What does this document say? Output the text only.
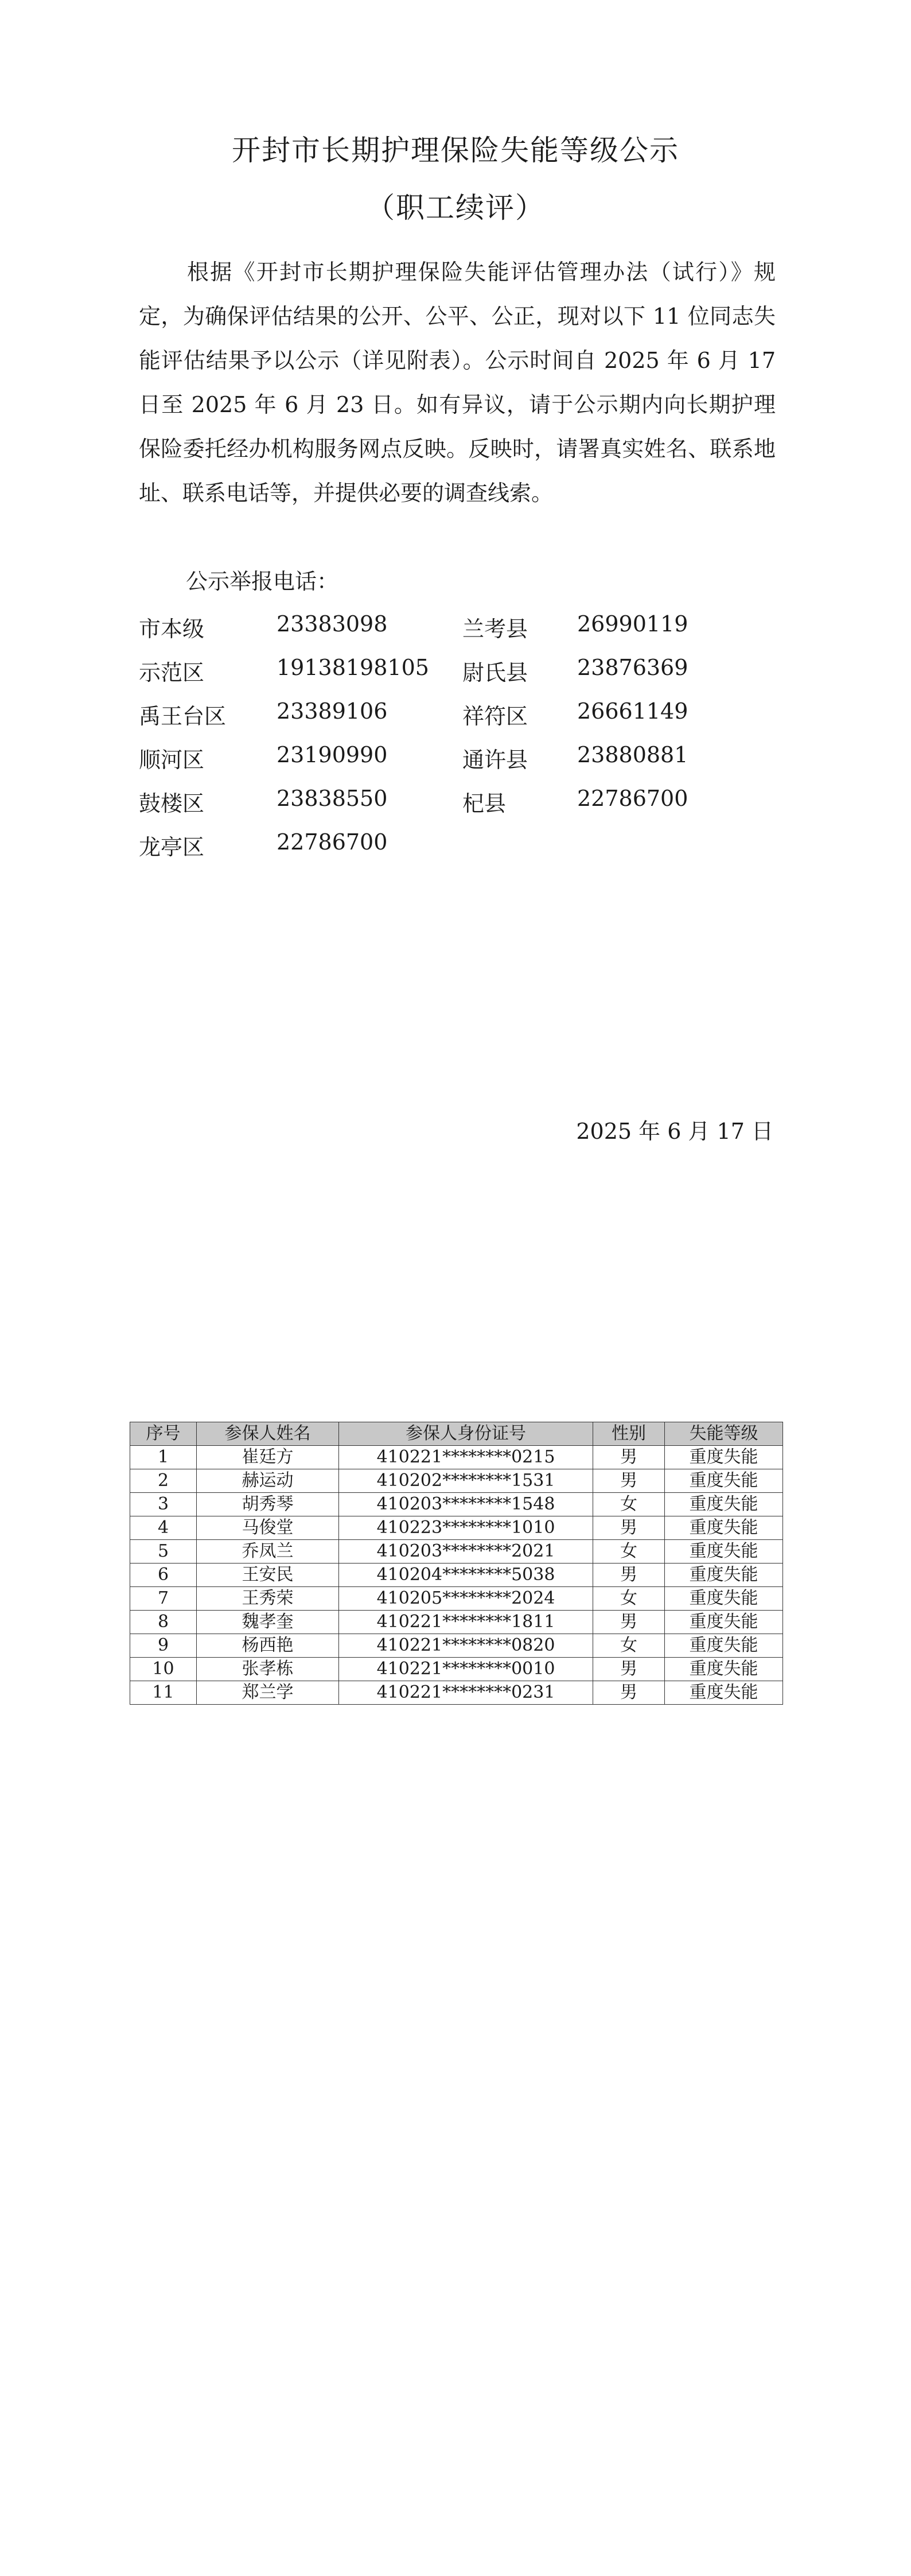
开封市长期护理保险失能等级公示
（职工续评）

根据《开封市长期护理保险失能评估管理办法（试行）》规定，为确保评估结果的公开、公平、公正，现对以下 11 位同志失能评估结果予以公示（详见附表）。公示时间自 2025 年 6 月 17 日至 2025 年 6 月 23 日。如有异议，请于公示期内向长期护理保险委托经办机构服务网点反映。反映时，请署真实姓名、联系地址、联系电话等，并提供必要的调查线索。

公示举报电话：
市本级	23383098	兰考县 26990119
示范区	19138198105 尉氏县 23876369
禹王台区 23389106	祥符区 26661149
顺河区	23190990	通许县 23880881
鼓楼区	23838550	杞县	22786700
龙亭区	22786700
2025 年 6 月 17 日
序号	参保人姓名	参保人身份证号	性别	失能等级
1	崔廷方	410221********0215	男	重度失能
2	赫运动	410202********1531	男	重度失能
3	胡秀琴	410203********1548	女	重度失能
4	马俊堂	410223********1010	男	重度失能
5	乔凤兰	410203********2021	女	重度失能
6	王安民	410204********5038	男	重度失能
7	王秀荣	410205********2024	女	重度失能
8	魏孝奎	410221********1811	男	重度失能
9	杨西艳	410221********0820	女	重度失能
10	张孝栋	410221********0010	男	重度失能
11	郑兰学	410221********0231	男	重度失能
